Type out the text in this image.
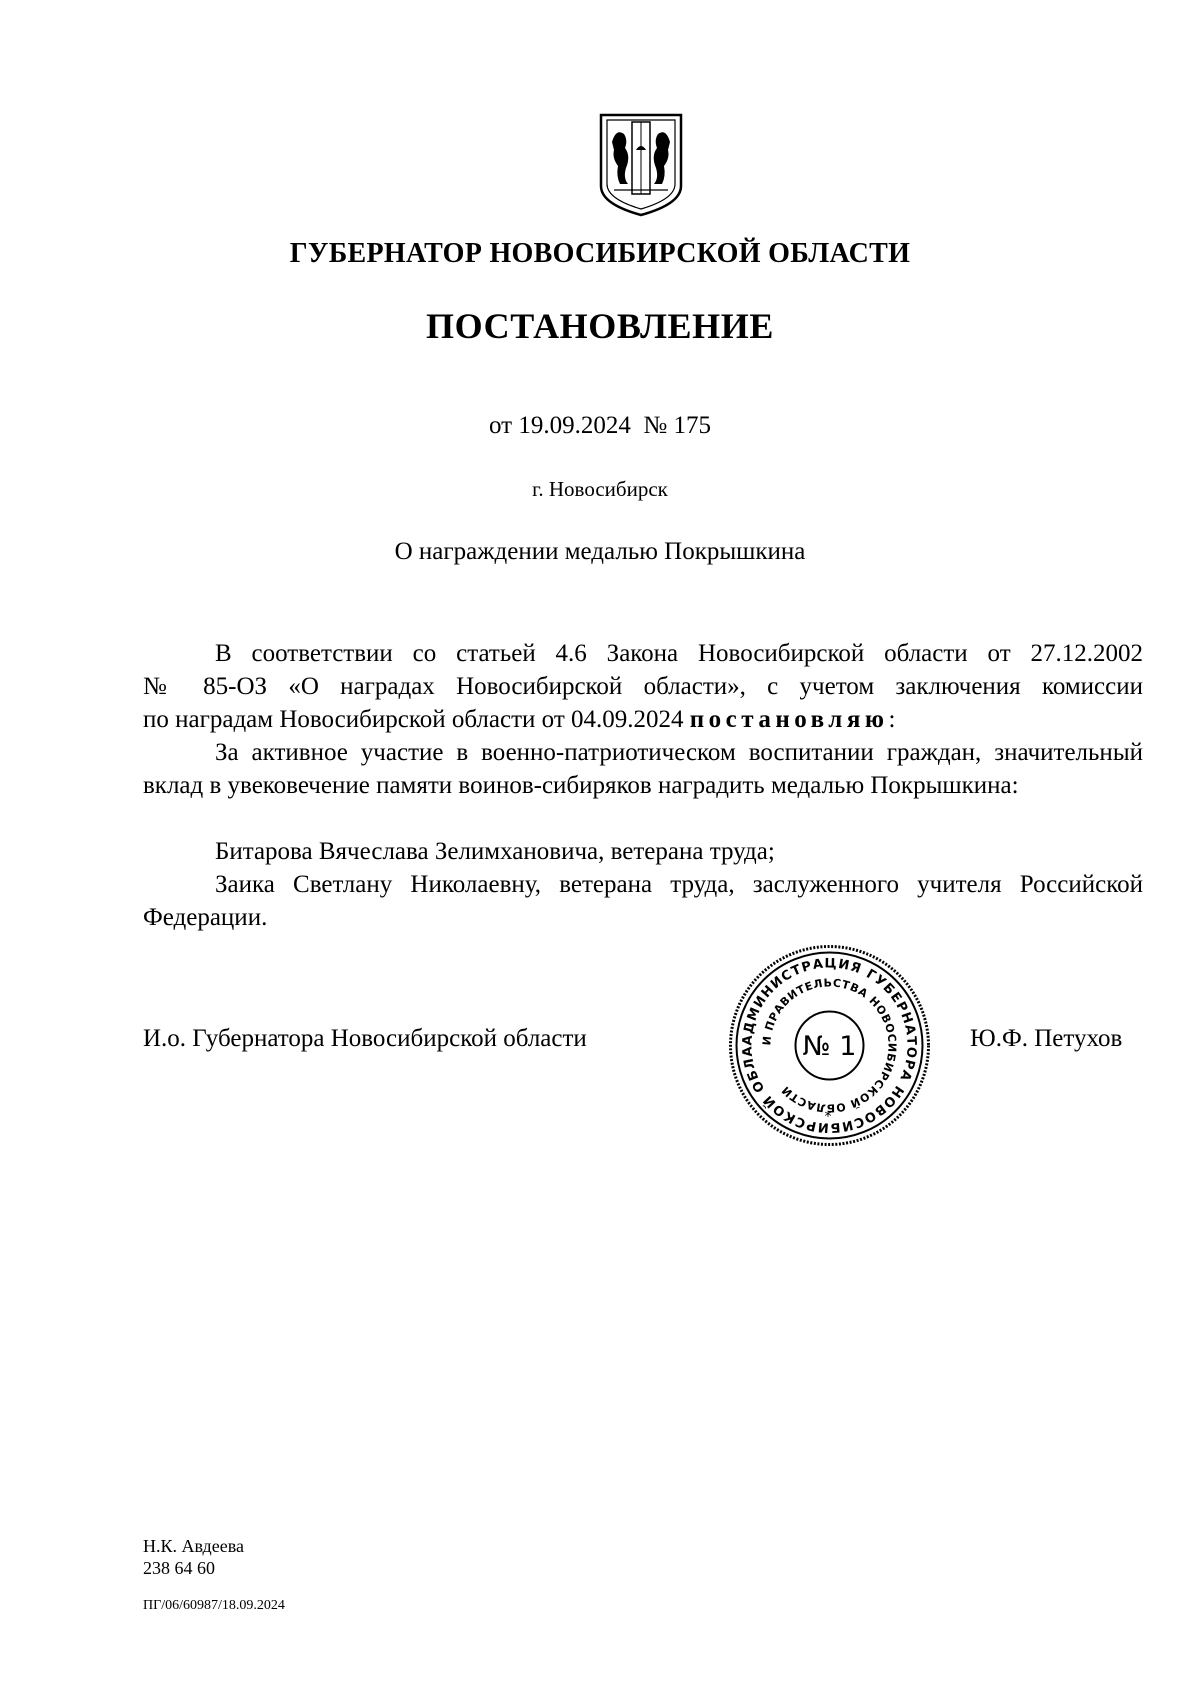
ГУБЕРНАТОР НОВОСИБИРСКОЙ ОБЛАСТИ
ПОСТАНОВЛЕНИЕ
от 19.09.2024  № 175
г. Новосибирск
О награждении медалью Покрышкина
В соответствии со статьей 4.6 Закона Новосибирской области от 27.12.2002
№ 85-ОЗ «О наградах Новосибирской области», с учетом заключения комиссии
по наградам Новосибирской области от 04.09.2024 постановляю:
За активное участие в военно-патриотическом воспитании граждан, значительный вклад в увековечение памяти воинов-сибиряков наградить медалью Покрышкина:
Битарова Вячеслава Зелимхановича, ветерана труда;
Заика Светлану Николаевну, ветерана труда, заслуженного учителя Российской Федерации.
И.о. Губернатора Новосибирской области	Ю.Ф. Петухов
АДМИНИСТРАЦИЯ ГУБЕРНАТОРА НОВОСИБИРСКОЙ ОБЛА
И ПРАВИТЕЛЬСТВА НОВОСИБИРСКОЙ ОБЛАСТИ
№ 1
*
Н.К. Авдеева
238 64 60
ПГ/06/60987/18.09.2024
